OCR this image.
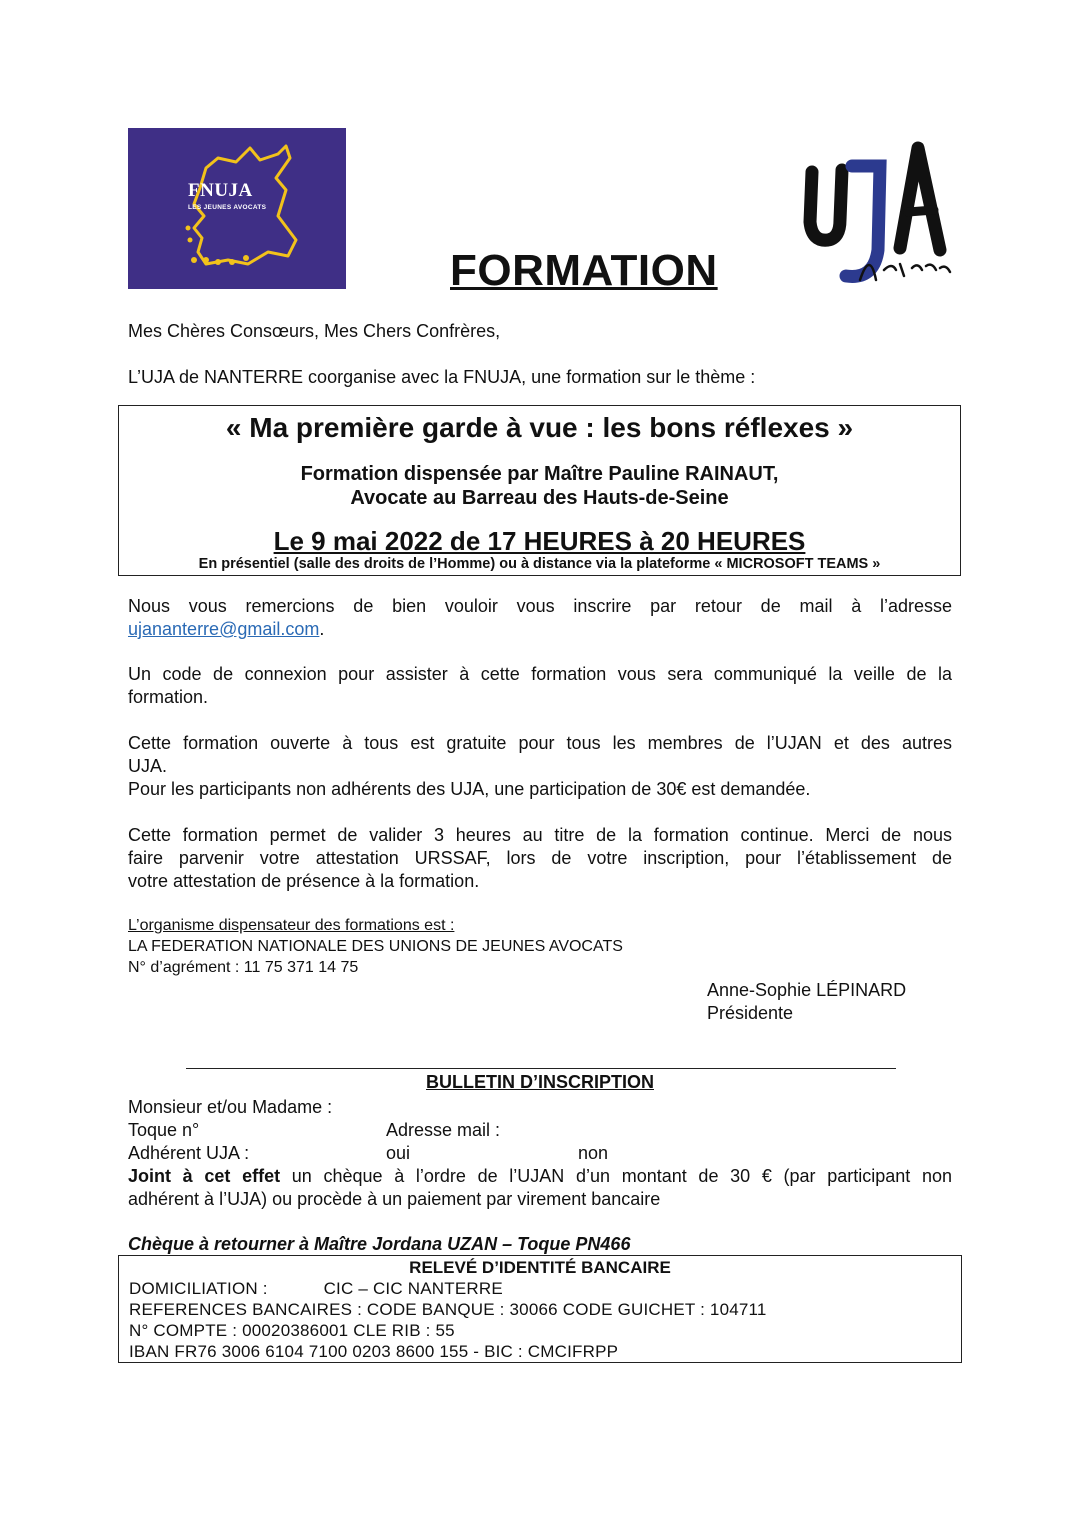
FNUJA
LES JEUNES AVOCATS
FORMATION

Mes Chères Consœurs, Mes Chers Confrères,

L’UJA de NANTERRE coorganise avec la FNUJA, une formation sur le thème :

« Ma première garde à vue : les bons réflexes »
Formation dispensée par Maître Pauline RAINAUT,
Avocate au Barreau des Hauts-de-Seine
Le 9 mai 2022 de 17 HEURES à 20 HEURES
En présentiel (salle des droits de l’Homme) ou à distance via la plateforme « MICROSOFT TEAMS »

Nous vous remercions de bien vouloir vous inscrire par retour de mail à l’adresse

ujananterre@gmail.com.

Un code de connexion pour assister à cette formation vous sera communiqué la veille de la

formation.

Cette formation ouverte à tous est gratuite pour tous les membres de l’UJAN et des autres

UJA.

Pour les participants non adhérents des UJA, une participation de 30€ est demandée.

Cette formation permet de valider 3 heures au titre de la formation continue. Merci de nous

faire parvenir votre attestation URSSAF, lors de votre inscription, pour l’établissement de

votre attestation de présence à la formation.

L’organisme dispensateur des formations est :

LA FEDERATION NATIONALE DES UNIONS DE JEUNES AVOCATS

N° d’agrément : 11 75 371 14 75

Anne-Sophie LÉPINARD

Présidente

BULLETIN D’INSCRIPTION

Monsieur et/ou Madame :

Toque n°	Adresse mail :

Adhérent UJA :	oui	non

Joint à cet effet un chèque à l’ordre de l’UJAN d’un montant de 30 € (par participant non

adhérent à l’UJA) ou procède à un paiement par virement bancaire

Chèque à retourner à Maître Jordana UZAN – Toque PN466

RELEVÉ D’IDENTITÉ BANCAIRE
DOMICILIATION :	CIC – CIC NANTERRE
REFERENCES BANCAIRES : CODE BANQUE : 30066 CODE GUICHET : 104711
N° COMPTE : 00020386001 CLE RIB : 55
IBAN FR76 3006 6104 7100 0203 8600 155 - BIC : CMCIFRPP
